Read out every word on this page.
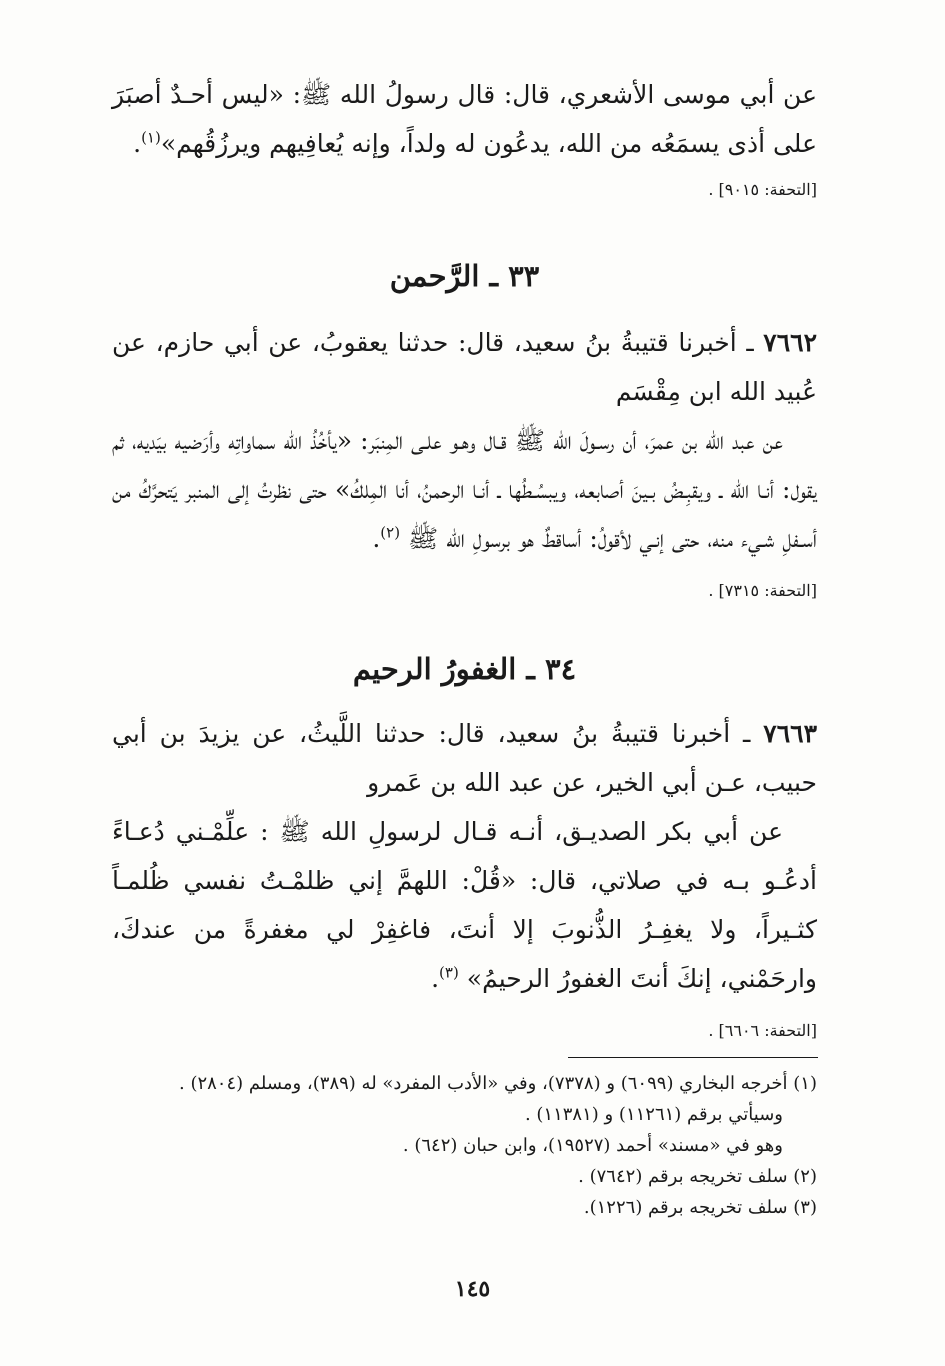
عن أبي موسى الأشعري، قال: قال رسولُ الله ﷺ: «ليس أحـدٌ أصبَرَ على أذى يسمَعُه من الله، يدعُون له ولداً، وإنه يُعافِيهم ويرزُقُهم»$^{(١)}$.

[التحفة: ٩٠١٥] .

٣٣ ـ الرَّحمن

٧٦٦٢ ـ أخبرنا قتيبةُ بنُ سعيد، قال: حدثنا يعقوبُ، عن أبي حازم، عن عُبيد الله ابن مِقْسَم

عن عبد الله بن عمرَ، أن رسـولَ الله ﷺ قـال وهـو علـى المِنبَر: «يأخُذُ الله سماواتِه وأرَضيه بيَديه، ثم يقول: أنـا الله ـ ويقبِـضُ بـينَ أصابعه، ويبسُـطُها ـ أنـا الرحمنُ، أنا المِلكُ» حتى نظرتُ إلى المنبر يَتحرَّكُ من أسـفلِ شـيء منه، حتى إنـي لأقولُ: أساقطٌ هو برسولِ الله ﷺ $^{(٢)}$.

[التحفة: ٧٣١٥] .

٣٤ ـ الغفورُ الرحيم

٧٦٦٣ ـ أخبرنا قتيبةُ بنُ سعيد، قال: حدثنا اللَّيثُ، عن يزيدَ بن أبي حبيب، عـن أبي الخير، عن عبد الله بن عَمرو

عن أبي بكر الصديـق، أنـه قـال لرسولِ الله ﷺ : علِّمْـني دُعـاءً أدعُـو بـه في صلاتي، قال: «قُلْ: اللهمَّ إني ظلمْـتُ نفسي ظُلمـاً كثـيراً، ولا يغفِـرُ الذُّنوبَ إلا أنتَ، فاغفِرْ لي مغفرةً من عندكَ، وارحَمْني، إنكَ أنتَ الغفورُ الرحيمُ» $^{(٣)}$.

[التحفة: ٦٦٠٦] .

(١) أخرجه البخاري (٦٠٩٩) و (٧٣٧٨)، وفي «الأدب المفرد» له (٣٨٩)، ومسلم (٢٨٠٤) .

وسيأتي برقم (١١٢٦١) و (١١٣٨١) .

وهو في «مسند» أحمد (١٩٥٢٧)، وابن حبان (٦٤٢) .

(٢) سلف تخريجه برقم (٧٦٤٢) .

(٣) سلف تخريجه برقم (١٢٢٦).

١٤٥
